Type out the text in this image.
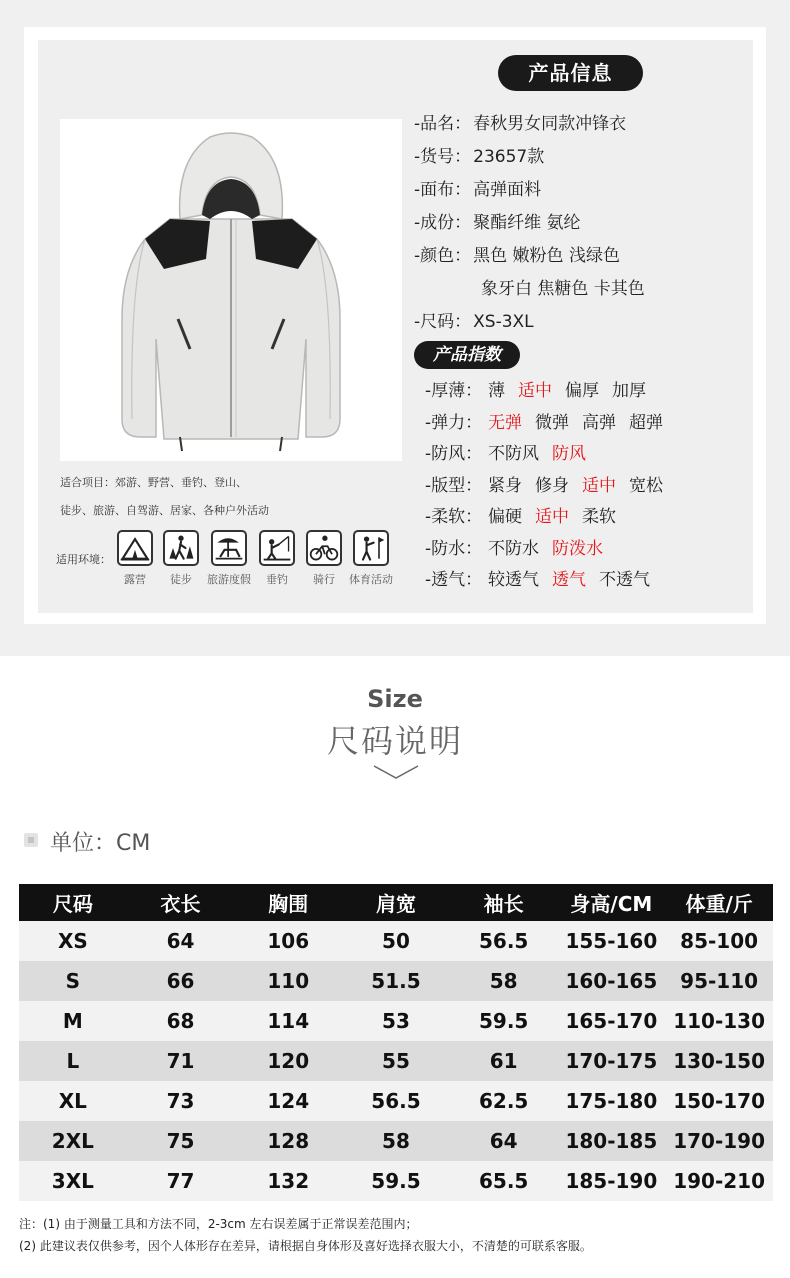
产品信息
-品名： 春秋男女同款冲锋衣
-货号： 23657款
-面布： 高弹面料
-成份： 聚酯纤维 氨纶
-颜色： 黑色 嫩粉色 浅绿色
象牙白 焦糖色 卡其色
-尺码： XS-3XL
产品指数
-厚薄： 薄 适中 偏厚 加厚
-弹力： 无弹 微弹 高弹 超弹
-防风： 不防风 防风
-版型： 紧身 修身 适中 宽松
-柔软： 偏硬 适中 柔软
-防水： 不防水 防泼水
-透气： 较透气 透气 不透气
适合项目：郊游、野营、垂钓、登山、
徒步、旅游、自驾游、居家、各种户外活动
适用环境：
露营	徒步	旅游度假	垂钓	骑行	体育活动
Size
尺码说明
单位：CM
尺码	衣长	胸围	肩宽	袖长	身高/CM	体重/斤
XS	64	106	50	56.5	155-160	85-100
S	66	110	51.5	58	160-165	95-110
M	68	114	53	59.5	165-170	110-130
L	71	120	55	61	170-175	130-150
XL	73	124	56.5	62.5	175-180	150-170
2XL	75	128	58	64	180-185	170-190
3XL	77	132	59.5	65.5	185-190	190-210
注：(1) 由于测量工具和方法不同，2-3cm 左右误差属于正常误差范围内；
(2) 此建议表仅供参考，因个人体形存在差异，请根据自身体形及喜好选择衣服大小，不清楚的可联系客服。
